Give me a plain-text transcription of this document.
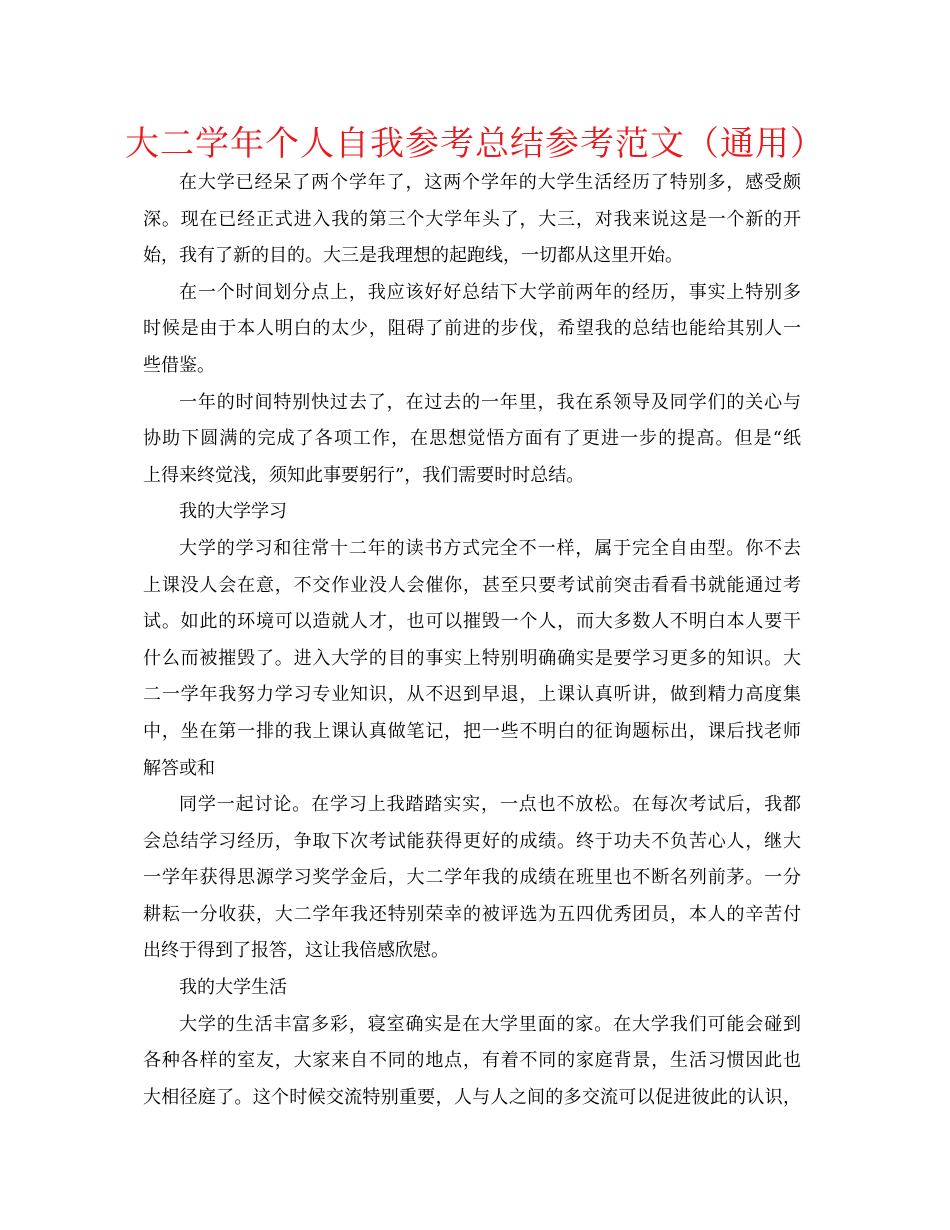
大二学年个人自我参考总结参考范文（通用）

在大学已经呆了两个学年了，这两个学年的大学生活经历了特别多，感受颇

深。现在已经正式进入我的第三个大学年头了，大三，对我来说这是一个新的开

始，我有了新的目的。大三是我理想的起跑线，一切都从这里开始。

在一个时间划分点上，我应该好好总结下大学前两年的经历，事实上特别多

时候是由于本人明白的太少，阻碍了前进的步伐，希望我的总结也能给其别人一

些借鉴。

一年的时间特别快过去了，在过去的一年里，我在系领导及同学们的关心与

协助下圆满的完成了各项工作，在思想觉悟方面有了更进一步的提高。但是“纸

上得来终觉浅，须知此事要躬行”，我们需要时时总结。

我的大学学习

大学的学习和往常十二年的读书方式完全不一样，属于完全自由型。你不去

上课没人会在意，不交作业没人会催你，甚至只要考试前突击看看书就能通过考

试。如此的环境可以造就人才，也可以摧毁一个人，而大多数人不明白本人要干

什么而被摧毁了。进入大学的目的事实上特别明确确实是要学习更多的知识。大

二一学年我努力学习专业知识，从不迟到早退，上课认真听讲，做到精力高度集

中，坐在第一排的我上课认真做笔记，把一些不明白的征询题标出，课后找老师

解答或和

同学一起讨论。在学习上我踏踏实实，一点也不放松。在每次考试后，我都

会总结学习经历，争取下次考试能获得更好的成绩。终于功夫不负苦心人，继大

一学年获得思源学习奖学金后，大二学年我的成绩在班里也不断名列前茅。一分

耕耘一分收获，大二学年我还特别荣幸的被评选为五四优秀团员，本人的辛苦付

出终于得到了报答，这让我倍感欣慰。

我的大学生活

大学的生活丰富多彩，寝室确实是在大学里面的家。在大学我们可能会碰到

各种各样的室友，大家来自不同的地点，有着不同的家庭背景，生活习惯因此也

大相径庭了。这个时候交流特别重要，人与人之间的多交流可以促进彼此的认识，
